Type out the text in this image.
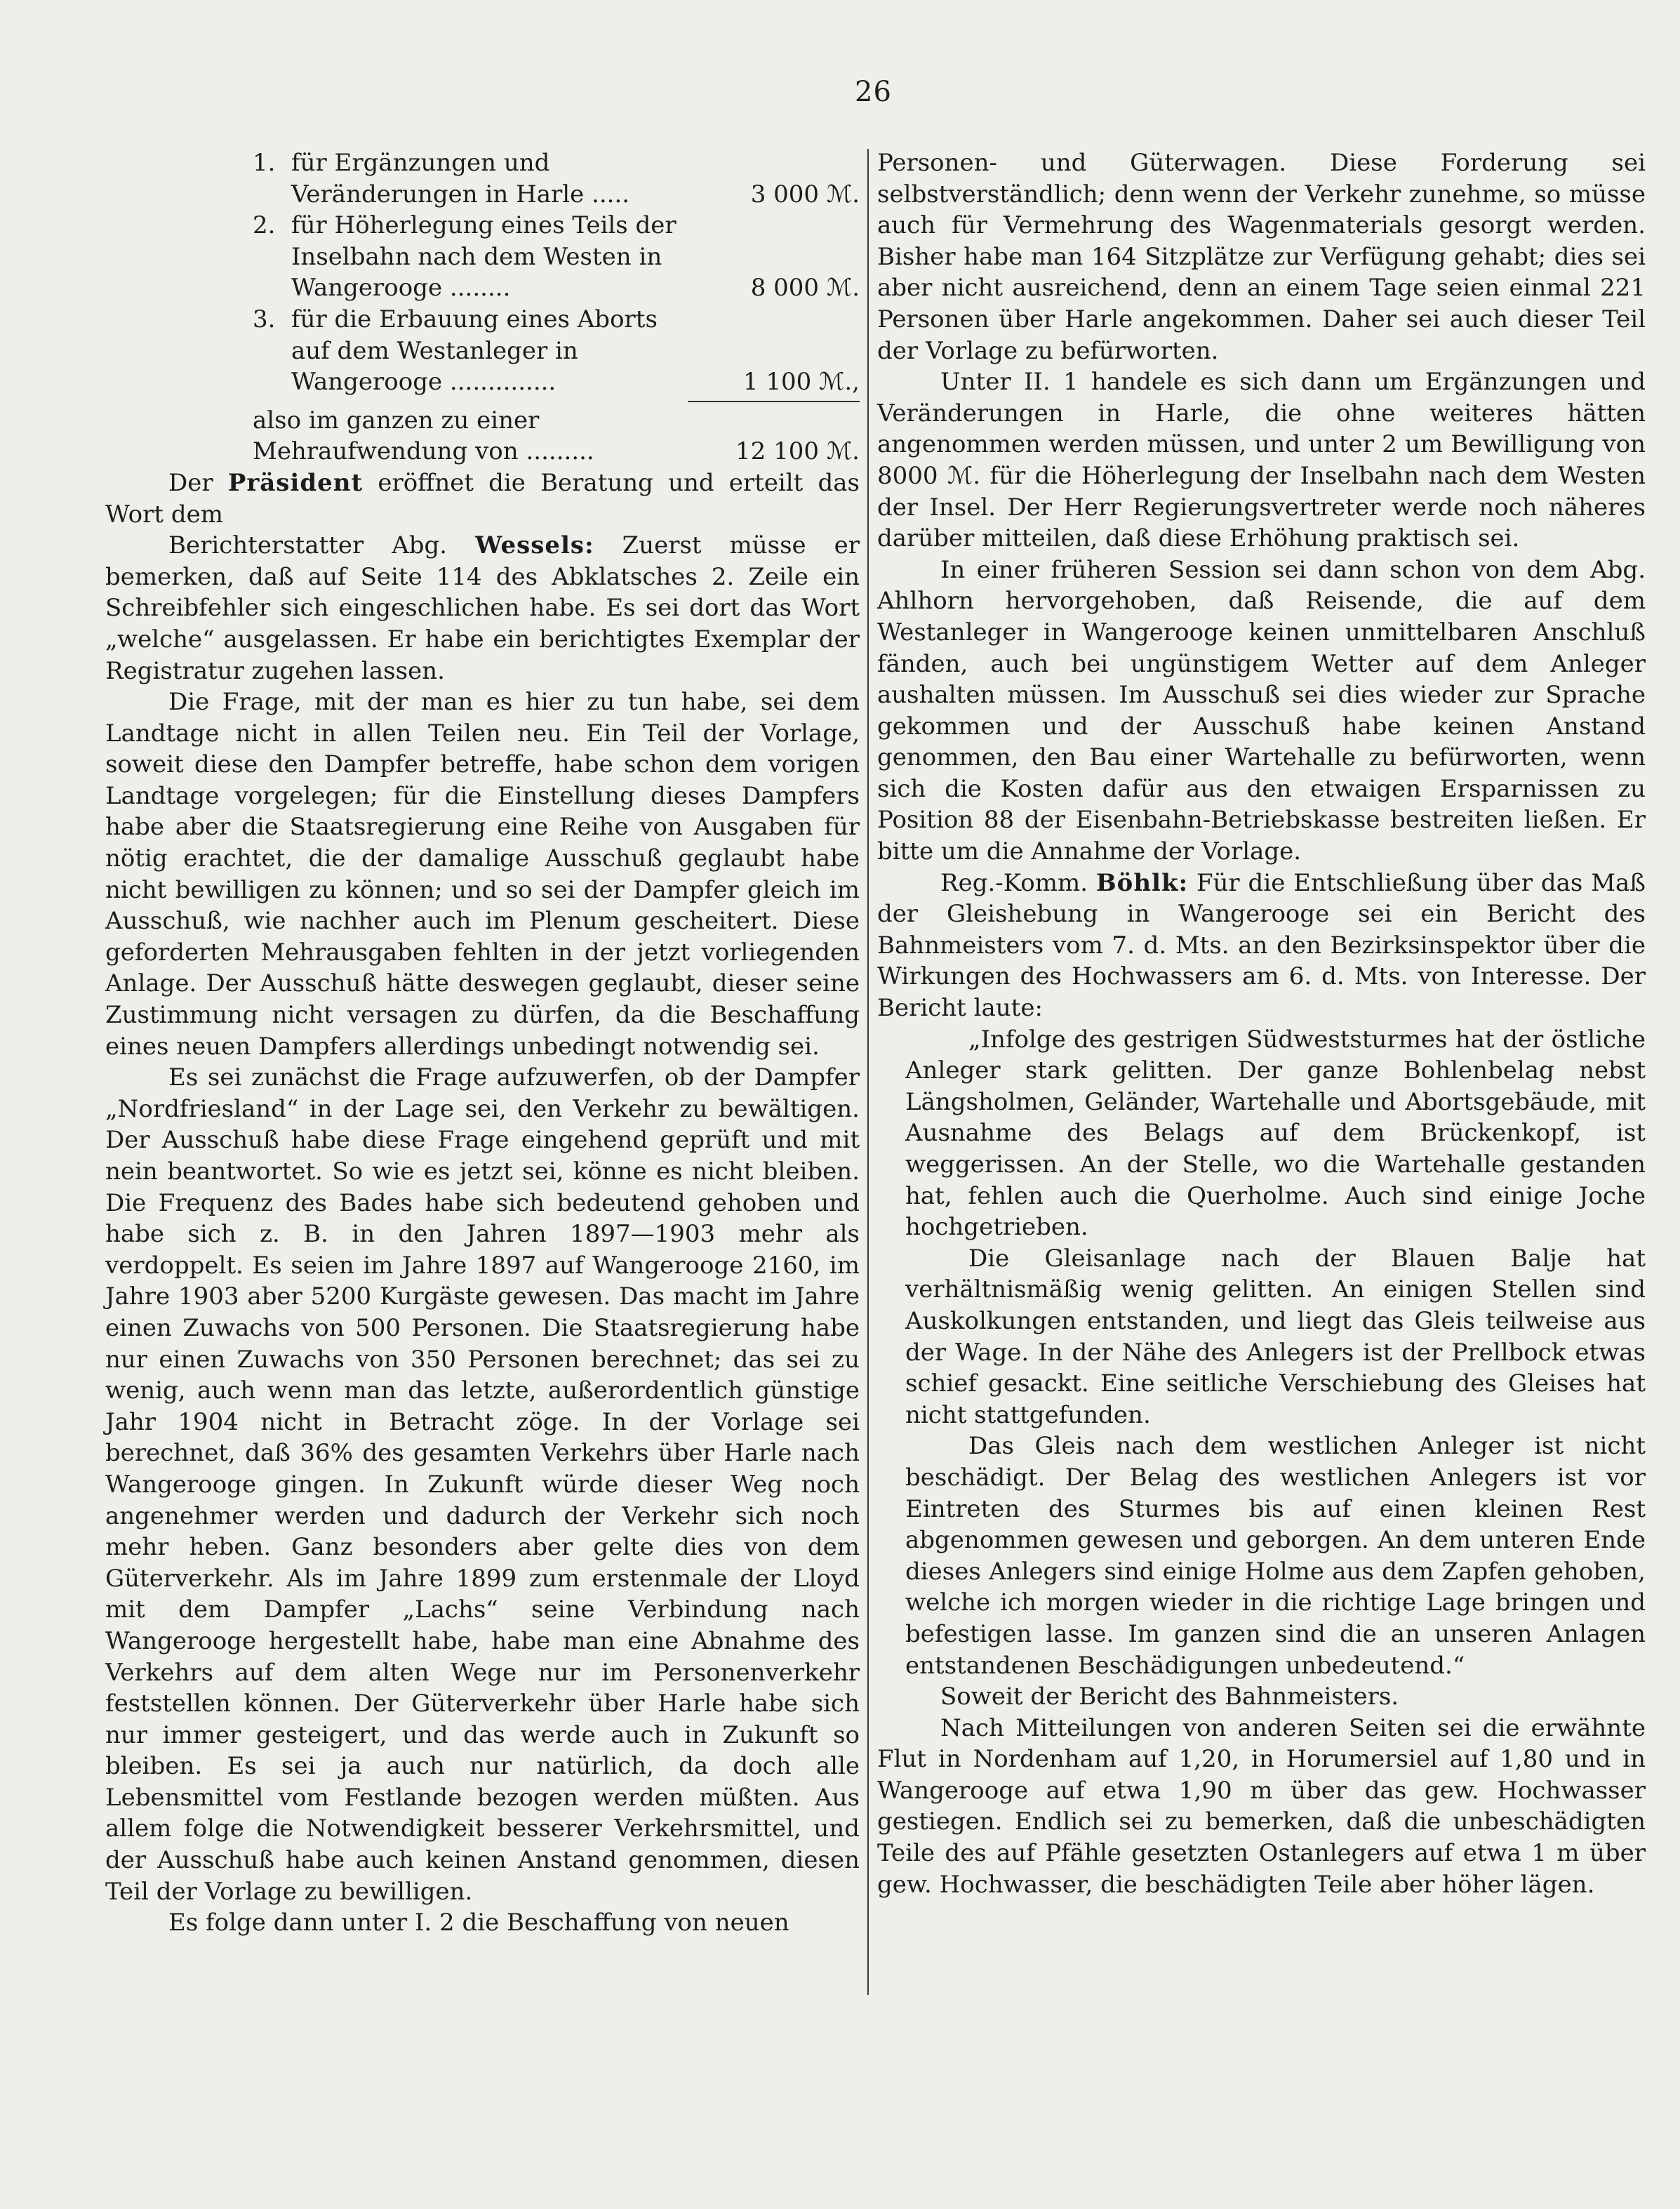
26
1. für Ergänzungen und Veränderungen in Harle .....	3 000 ℳ.
2. für Höherlegung eines Teils der Inselbahn nach dem Westen in Wangerooge ........	8 000 ℳ.
3. für die Erbauung eines Aborts auf dem Westanleger in Wangerooge ..............	1 100 ℳ.,
also im ganzen zu einer Mehraufwendung von .........	12 100 ℳ.

Der Präsident eröffnet die Beratung und erteilt das Wort dem

Berichterstatter Abg. Wessels: Zuerst müsse er bemerken, daß auf Seite 114 des Abklatsches 2. Zeile ein Schreibfehler sich eingeschlichen habe. Es sei dort das Wort „welche“ ausgelassen. Er habe ein berichtigtes Exemplar der Registratur zugehen lassen.

Die Frage, mit der man es hier zu tun habe, sei dem Landtage nicht in allen Teilen neu. Ein Teil der Vorlage, soweit diese den Dampfer betreffe, habe schon dem vorigen Landtage vorgelegen; für die Einstellung dieses Dampfers habe aber die Staatsregierung eine Reihe von Ausgaben für nötig erachtet, die der damalige Ausschuß geglaubt habe nicht bewilligen zu können; und so sei der Dampfer gleich im Ausschuß, wie nachher auch im Plenum gescheitert. Diese geforderten Mehrausgaben fehlten in der jetzt vorliegenden Anlage. Der Ausschuß hätte deswegen geglaubt, dieser seine Zustimmung nicht versagen zu dürfen, da die Beschaffung eines neuen Dampfers allerdings unbedingt notwendig sei.

Es sei zunächst die Frage aufzuwerfen, ob der Dampfer „Nordfriesland“ in der Lage sei, den Verkehr zu bewältigen. Der Ausschuß habe diese Frage eingehend geprüft und mit nein beantwortet. So wie es jetzt sei, könne es nicht bleiben. Die Frequenz des Bades habe sich bedeutend gehoben und habe sich z. B. in den Jahren 1897—1903 mehr als verdoppelt. Es seien im Jahre 1897 auf Wangerooge 2160, im Jahre 1903 aber 5200 Kurgäste gewesen. Das macht im Jahre einen Zuwachs von 500 Personen. Die Staatsregierung habe nur einen Zuwachs von 350 Personen berechnet; das sei zu wenig, auch wenn man das letzte, außerordentlich günstige Jahr 1904 nicht in Betracht zöge. In der Vorlage sei berechnet, daß 36% des gesamten Verkehrs über Harle nach Wangerooge gingen. In Zukunft würde dieser Weg noch angenehmer werden und dadurch der Verkehr sich noch mehr heben. Ganz besonders aber gelte dies von dem Güterverkehr. Als im Jahre 1899 zum erstenmale der Lloyd mit dem Dampfer „Lachs“ seine Verbindung nach Wangerooge hergestellt habe, habe man eine Abnahme des Verkehrs auf dem alten Wege nur im Personenverkehr feststellen können. Der Güterverkehr über Harle habe sich nur immer gesteigert, und das werde auch in Zukunft so bleiben. Es sei ja auch nur natürlich, da doch alle Lebensmittel vom Festlande bezogen werden müßten. Aus allem folge die Notwendigkeit besserer Verkehrsmittel, und der Ausschuß habe auch keinen Anstand genommen, diesen Teil der Vorlage zu bewilligen.

Es folge dann unter I. 2 die Beschaffung von neuen

Personen- und Güterwagen. Diese Forderung sei selbstverständlich; denn wenn der Verkehr zunehme, so müsse auch für Vermehrung des Wagenmaterials gesorgt werden. Bisher habe man 164 Sitzplätze zur Verfügung gehabt; dies sei aber nicht ausreichend, denn an einem Tage seien einmal 221 Personen über Harle angekommen. Daher sei auch dieser Teil der Vorlage zu befürworten.

Unter II. 1 handele es sich dann um Ergänzungen und Veränderungen in Harle, die ohne weiteres hätten angenommen werden müssen, und unter 2 um Bewilligung von 8000 ℳ. für die Höherlegung der Inselbahn nach dem Westen der Insel. Der Herr Regierungsvertreter werde noch näheres darüber mitteilen, daß diese Erhöhung praktisch sei.

In einer früheren Session sei dann schon von dem Abg. Ahlhorn hervorgehoben, daß Reisende, die auf dem Westanleger in Wangerooge keinen unmittelbaren Anschluß fänden, auch bei ungünstigem Wetter auf dem Anleger aushalten müssen. Im Ausschuß sei dies wieder zur Sprache gekommen und der Ausschuß habe keinen Anstand genommen, den Bau einer Wartehalle zu befürworten, wenn sich die Kosten dafür aus den etwaigen Ersparnissen zu Position 88 der Eisenbahn-Betriebskasse bestreiten ließen. Er bitte um die Annahme der Vorlage.

Reg.-Komm. Böhlk: Für die Entschließung über das Maß der Gleishebung in Wangerooge sei ein Bericht des Bahnmeisters vom 7. d. Mts. an den Bezirksinspektor über die Wirkungen des Hochwassers am 6. d. Mts. von Interesse. Der Bericht laute:

„Infolge des gestrigen Südweststurmes hat der östliche Anleger stark gelitten. Der ganze Bohlenbelag nebst Längsholmen, Geländer, Wartehalle und Abortsgebäude, mit Ausnahme des Belags auf dem Brückenkopf, ist weggerissen. An der Stelle, wo die Wartehalle gestanden hat, fehlen auch die Querholme. Auch sind einige Joche hochgetrieben.

Die Gleisanlage nach der Blauen Balje hat verhältnismäßig wenig gelitten. An einigen Stellen sind Auskolkungen entstanden, und liegt das Gleis teilweise aus der Wage. In der Nähe des Anlegers ist der Prellbock etwas schief gesackt. Eine seitliche Verschiebung des Gleises hat nicht stattgefunden.

Das Gleis nach dem westlichen Anleger ist nicht beschädigt. Der Belag des westlichen Anlegers ist vor Eintreten des Sturmes bis auf einen kleinen Rest abgenommen gewesen und geborgen. An dem unteren Ende dieses Anlegers sind einige Holme aus dem Zapfen gehoben, welche ich morgen wieder in die richtige Lage bringen und befestigen lasse. Im ganzen sind die an unseren Anlagen entstandenen Beschädigungen unbedeutend.“

Soweit der Bericht des Bahnmeisters.

Nach Mitteilungen von anderen Seiten sei die erwähnte Flut in Nordenham auf 1,20, in Horumersiel auf 1,80 und in Wangerooge auf etwa 1,90 m über das gew. Hochwasser gestiegen. Endlich sei zu bemerken, daß die unbeschädigten Teile des auf Pfähle gesetzten Ostanlegers auf etwa 1 m über gew. Hochwasser, die beschädigten Teile aber höher lägen.
